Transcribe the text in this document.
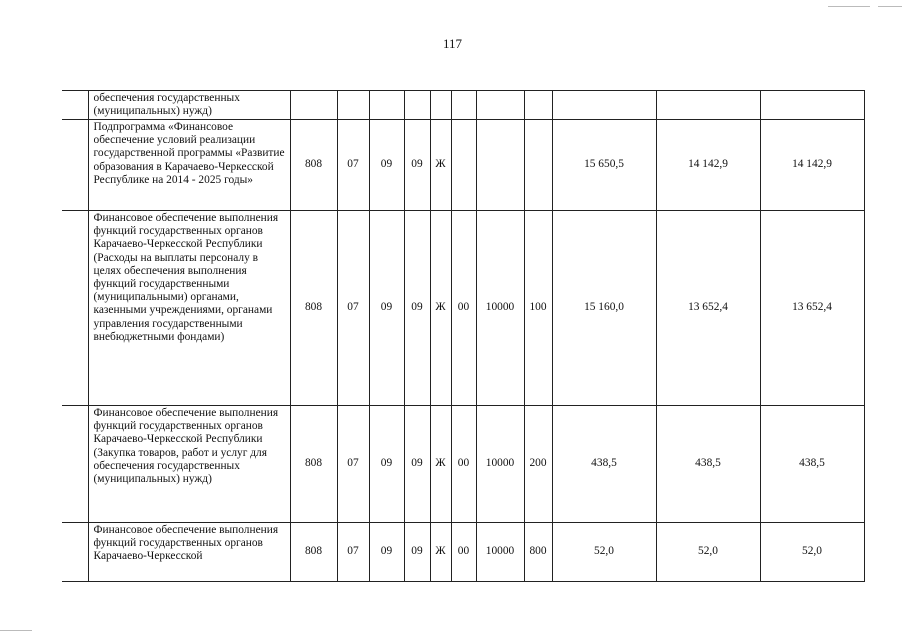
117
	обеспечения государственных (муниципальных) нужд)											
	Подпрограмма «Финансовое обеспечение условий реализации государственной программы «Развитие образования в Карачаево-Черкесской Республике на 2014 - 2025 годы»	808	07	09	09	Ж				15 650,5	14 142,9	14 142,9
	Финансовое обеспечение выполнения функций государственных органов Карачаево-Черкесской Республики (Расходы на выплаты персоналу в целях обеспечения выполнения функций государственными (муниципальными) органами, казенными учреждениями, органами управления государственными внебюджетными фондами)	808	07	09	09	Ж	00	10000	100	15 160,0	13 652,4	13 652,4
	Финансовое обеспечение выполнения функций государственных органов Карачаево-Черкесской Республики (Закупка товаров, работ и услуг для обеспечения государственных (муниципальных) нужд)	808	07	09	09	Ж	00	10000	200	438,5	438,5	438,5
	Финансовое обеспечение выполнения функций государственных органов Карачаево-Черкесской	808	07	09	09	Ж	00	10000	800	52,0	52,0	52,0
